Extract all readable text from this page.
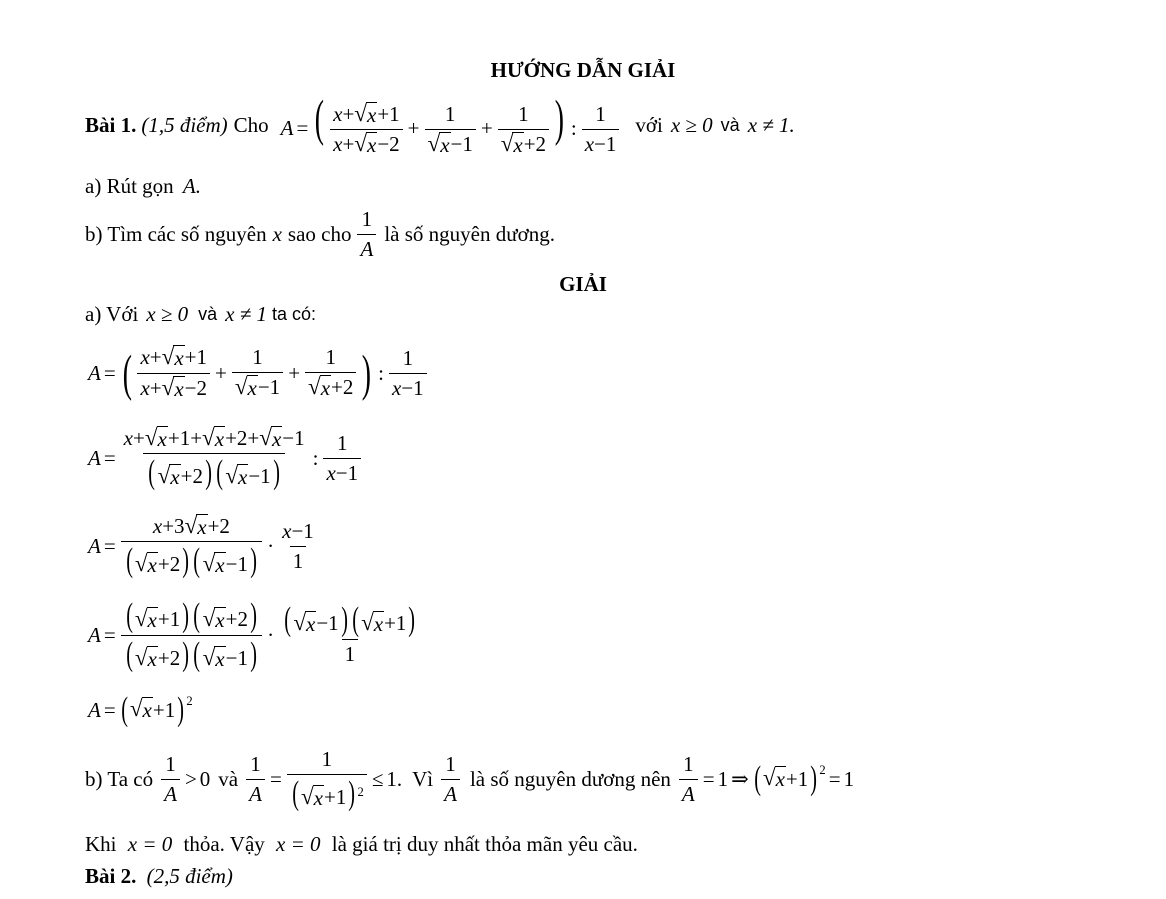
HƯỚNG DẪN GIẢI
Bài 1. (1,5 điểm) Cho A = ( $\frac{x+ √ x +1}{x+ √ x -2} + \frac{1}{√ x -1} + \frac{1}{√ x +2}$ ) : $\frac{1}{x-1}$ với x ≥ 0 và x ≠ 1.
a) Rút gọn A.
b) Tìm các số nguyên x sao cho $\frac{1}{A}$ là số nguyên dương.
GIẢI
a) Với x ≥ 0 và x ≠ 1 ta có:
A = ( $\frac{x+ √ x +1}{x+ √ x -2} + \frac{1}{√ x -1} + \frac{1}{√ x +2}$ ) : $\frac{1}{x-1}$
$A = \frac{x+ √ x +1+ √ x +2+ √ x -1}{( √ x +2) ( √ x -1)}$ : $\frac{1}{x-1}$
$A = \frac{x+3 √ x +2}{( √ x +2) ( √ x -1)} \cdot \frac{x-1}{1}$
$A = \frac{( √ x +1) ( √ x +2)}{( √ x +2) ( √ x -1)} \cdot \frac{( √ x -1) ( √ x +1)}{1}$
A = ( √ x +1 ) 2
b) Ta có $\frac{1}{A} > 0$ và $\frac{1}{A} = \frac{1}{( √ x +1) ^2} \le 1$. Vì $\frac{1}{A}$ là số nguyên dương nên $\frac{1}{A} = 1$ ⇒ ( √ x +1 ) 2 = 1
Khi x = 0 thỏa. Vậy x = 0 là giá trị duy nhất thỏa mãn yêu cầu.
Bài 2. (2,5 điểm)
